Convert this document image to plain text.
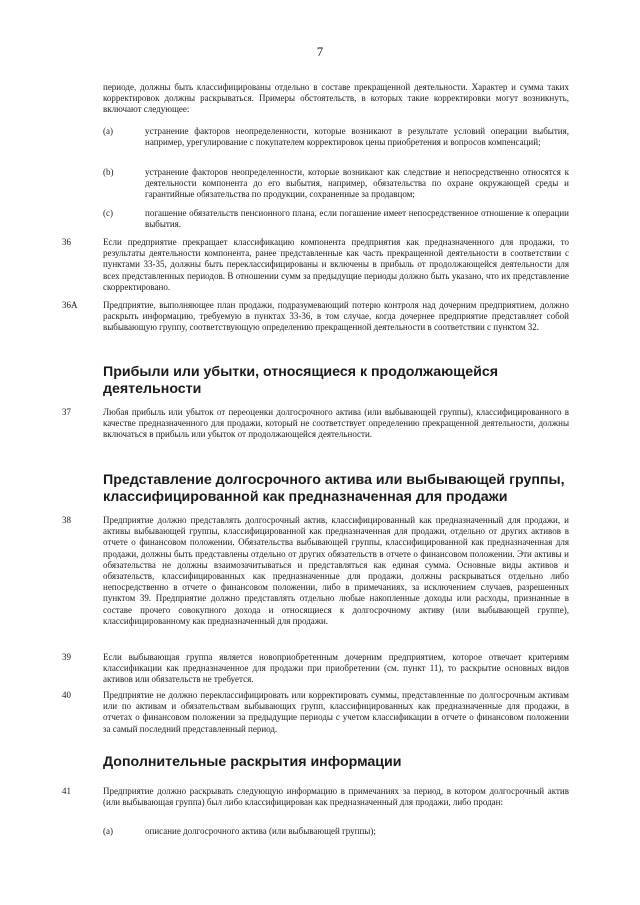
7
периоде, должны быть классифицированы отдельно в составе прекращенной деятельности. Характер и сумма таких корректировок должны раскрываться. Примеры обстоятельств, в которых такие корректировки могут возникнуть, включают следующее:
(a)	устранение факторов неопределенности, которые возникают в результате условий операции выбытия, например, урегулирование с покупателем корректировок цены приобретения и вопросов компенсаций;
(b)	устранение факторов неопределенности, которые возникают как следствие и непосредственно относятся к деятельности компонента до его выбытия, например, обязательства по охране окружающей среды и гарантийные обязательства по продукции, сохраненные за продавцом;
(c)	погашение обязательств пенсионного плана, если погашение имеет непосредственное отношение к операции выбытия.
36	Если предприятие прекращает классификацию компонента предприятия как предназначенного для продажи, то результаты деятельности компонента, ранее представленные как часть прекращенной деятельности в соответствии с пунктами 33-35, должны быть переклассифицированы и включены в прибыль от продолжающейся деятельности для всех представленных периодов. В отношении сумм за предыдущие периоды должно быть указано, что их представление скорректировано.
36A	Предприятие, выполняющее план продажи, подразумевающий потерю контроля над дочерним предприятием, должно раскрыть информацию, требуемую в пунктах 33-36, в том случае, когда дочернее предприятие представляет собой выбывающую группу, соответствующую определению прекращенной деятельности в соответствии с пунктом 32.
Прибыли или убытки, относящиеся к продолжающейся деятельности
37	Любая прибыль или убыток от переоценки долгосрочного актива (или выбывающей группы), классифицированного в качестве предназначенного для продажи, который не соответствует определению прекращенной деятельности, должны включаться в прибыль или убыток от продолжающейся деятельности.
Представление долгосрочного актива или выбывающей группы, классифицированной как предназначенная для продажи
38	Предприятие должно представлять долгосрочный актив, классифицированный как предназначенный для продажи, и активы выбывающей группы, классифицированной как предназначенная для продажи, отдельно от других активов в отчете о финансовом положении. Обязательства выбывающей группы, классифицированной как предназначенная для продажи, должны быть представлены отдельно от других обязательств в отчете о финансовом положении. Эти активы и обязательства не должны взаимозачитываться и представляться как единая сумма. Основные виды активов и обязательств, классифицированных как предназначенные для продажи, должны раскрываться отдельно либо непосредственно в отчете о финансовом положении, либо в примечаниях, за исключением случаев, разрешенных пунктом 39. Предприятие должно представлять отдельно любые накопленные доходы или расходы, признанные в составе прочего совокупного дохода и относящиеся к долгосрочному активу (или выбывающей группе), классифицированному как предназначенный для продажи.
39	Если выбывающая группа является новоприобретенным дочерним предприятием, которое отвечает критериям классификации как предназначенное для продажи при приобретении (см. пункт 11), то раскрытие основных видов активов или обязательств не требуется.
40	Предприятие не должно переклассифицировать или корректировать суммы, представленные по долгосрочным активам или по активам и обязательствам выбывающих групп, классифицированных как предназначенные для продажи, в отчетах о финансовом положении за предыдущие периоды с учетом классификации в отчете о финансовом положении за самый последний представленный период.
Дополнительные раскрытия информации
41	Предприятие должно раскрывать следующую информацию в примечаниях за период, в котором долгосрочный актив (или выбывающая группа) был либо классифицирован как предназначенный для продажи, либо продан:
(a)	описание долгосрочного актива (или выбывающей группы);
